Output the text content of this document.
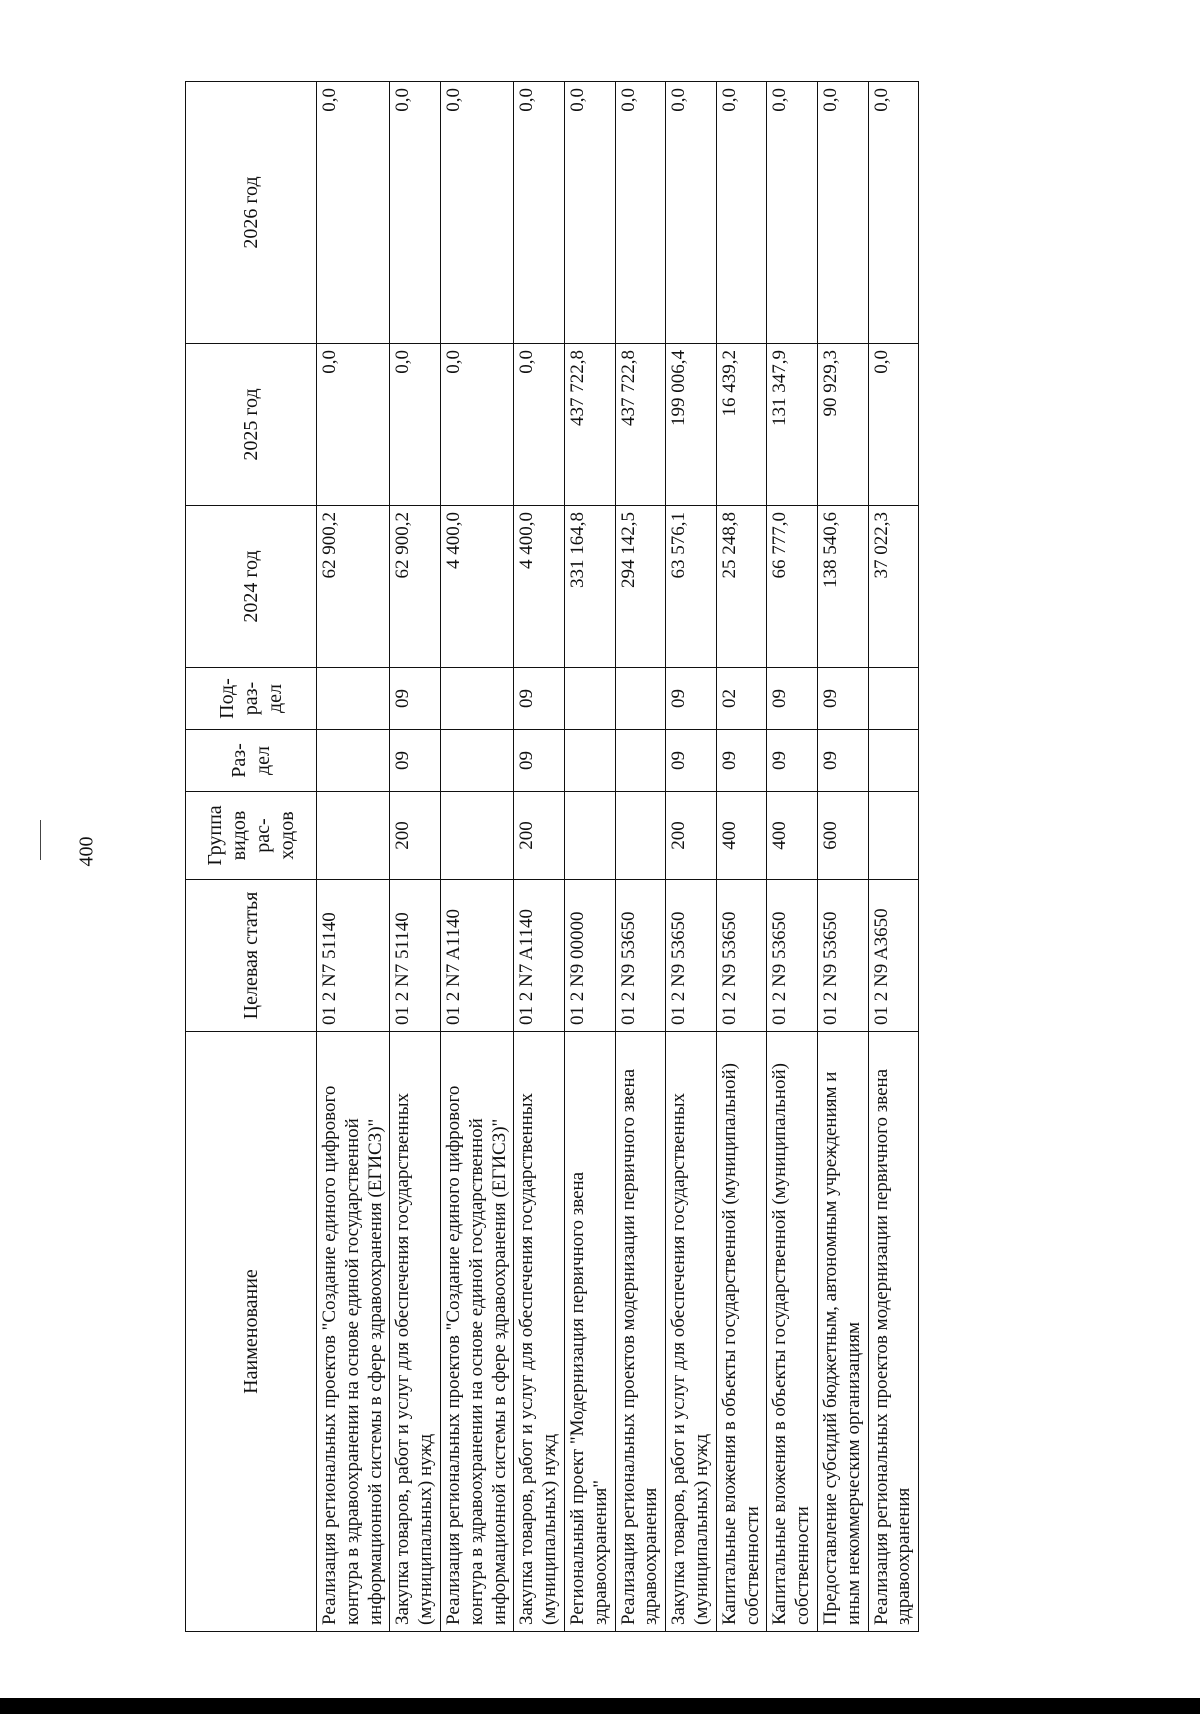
400
Наименование	Целевая статья	Группа видов рас-ходов	Раз-дел	Под-раз-дел	2024 год	2025 год	2026 год
Реализация региональных проектов "Создание единого цифрового контура в здравоохранении на основе единой государственной информационной системы в сфере здравоохранения (ЕГИСЗ)"	01 2 N7 51140				62 900,2	0,0	0,0
Закупка товаров, работ и услуг для обеспечения государственных (муниципальных) нужд	01 2 N7 51140	200	09	09	62 900,2	0,0	0,0
Реализация региональных проектов "Создание единого цифрового контура в здравоохранении на основе единой государственной информационной системы в сфере здравоохранения (ЕГИСЗ)"	01 2 N7 A1140				4 400,0	0,0	0,0
Закупка товаров, работ и услуг для обеспечения государственных (муниципальных) нужд	01 2 N7 A1140	200	09	09	4 400,0	0,0	0,0
Региональный проект "Модернизация первичного звена здравоохранения"	01 2 N9 00000				331 164,8	437 722,8	0,0
Реализация региональных проектов модернизации первичного звена здравоохранения	01 2 N9 53650				294 142,5	437 722,8	0,0
Закупка товаров, работ и услуг для обеспечения государственных (муниципальных) нужд	01 2 N9 53650	200	09	09	63 576,1	199 006,4	0,0
Капитальные вложения в объекты государственной (муниципальной) собственности	01 2 N9 53650	400	09	02	25 248,8	16 439,2	0,0
Капитальные вложения в объекты государственной (муниципальной) собственности	01 2 N9 53650	400	09	09	66 777,0	131 347,9	0,0
Предоставление субсидий бюджетным, автономным учреждениям и иным некоммерческим организациям	01 2 N9 53650	600	09	09	138 540,6	90 929,3	0,0
Реализация региональных проектов модернизации первичного звена здравоохранения	01 2 N9 A3650				37 022,3	0,0	0,0
